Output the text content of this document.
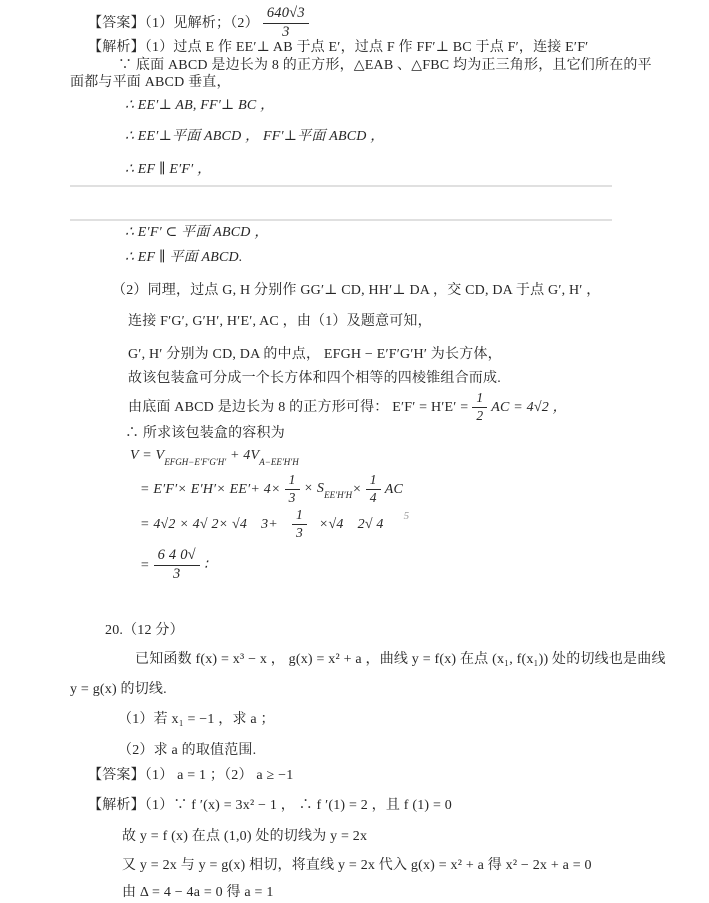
【答案】（1）见解析；$(2) \frac{640√3}{3}$
【解析】（1）过点 E 作 EE′⊥ AB 于点 E′，过点 F 作 FF′⊥ BC 于点 F′，连接 E′F′
∵ 底面 ABCD 是边长为 8 的正方形，△EAB 、△FBC 均为正三角形，且它们所在的平
面都与平面 ABCD 垂直，
∴ EE′⊥ AB, FF′⊥ BC ，
∴ EE′⊥平面 ABCD ， FF′⊥平面 ABCD ，
∴ EF ∥ E′F′ ，
∴ E′F′ ⊂ 平面 ABCD ，
∴ EF ∥ 平面 ABCD.
（2）同理，过点 G, H 分别作 GG′⊥ CD, HH′⊥ DA ，交 CD, DA 于点 G′, H′ ，
连接 F′G′, G′H′, H′E′, AC ，由（1）及题意可知，
G′, H′ 分别为 CD, DA 的中点， EFGH − E′F′G′H′ 为长方体，
故该包装盒可分成一个长方体和四个相等的四棱锥组合而成.
由底面 ABCD 是边长为 8 的正方形可得： $E'F' = H'E' = \frac{1}{2}$ AC = 4√2 ，
∴ 所求该包装盒的容积为
$V = V_{EFGH-E'F'G'H'} + 4V_{A-EE'H'H}$
= $E'F'\times E'H'\times EE'+ 4\times \frac{1}{3} \times S_{EE'H'H} \times \frac{1}{4}$ AC
= 4√2 × 4√ 2× √4 $3+ \frac{1}{3} \times√4$ 2√ 4
5
= $\frac{6 4 0√}{3}$ ∶
20.（12 分）
已知函数 f(x) = x³ − x ， g(x) = x² + a ，曲线 y = f(x) 在点 (x₁, f(x₁)) 处的切线也是曲线
y = g(x) 的切线.
（1）若 x₁ = −1 ，求 a ；
（2）求 a 的取值范围.
【答案】（1） a = 1 ；（2） a ≥ −1
【解析】（1）∵ f ′(x) = 3x² − 1 ， ∴ f ′(1) = 2 ，且 f (1) = 0
故 y = f (x) 在点 (1,0) 处的切线为 y = 2x
又 y = 2x 与 y = g(x) 相切，将直线 y = 2x 代入 g(x) = x² + a 得 x² − 2x + a = 0
由 Δ = 4 − 4a = 0 得 a = 1
